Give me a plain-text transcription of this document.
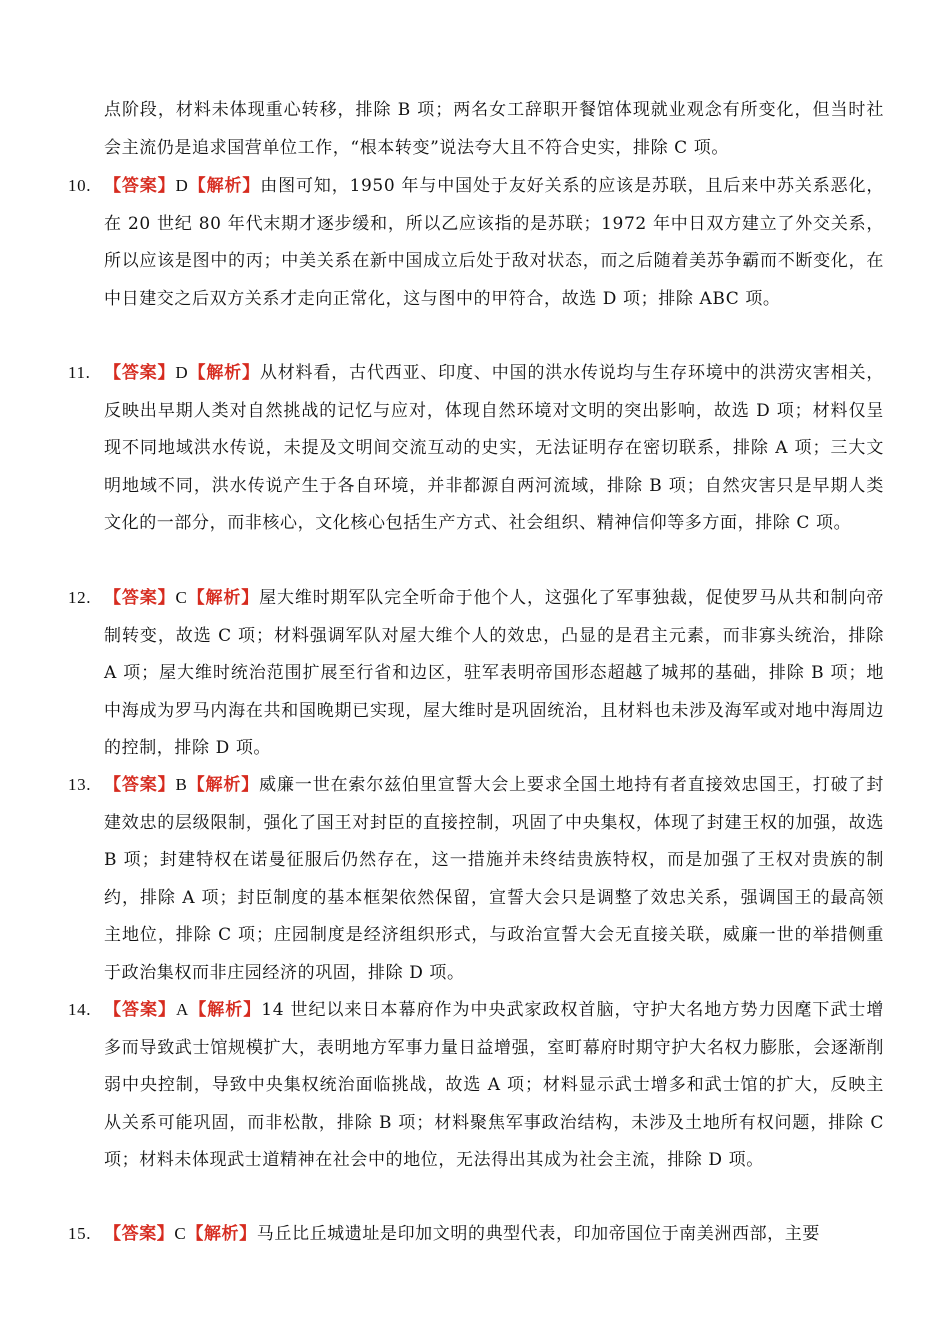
点阶段，材料未体现重心转移，排除 B 项；两名女工辞职开餐馆体现就业观念有所变化，但当时社会主流仍是追求国营单位工作，“根本转变”说法夸大且不符合史实，排除 C 项。
10. 【答案】D【解析】由图可知，1950 年与中国处于友好关系的应该是苏联，且后来中苏关系恶化，在 20 世纪 80 年代末期才逐步缓和，所以乙应该指的是苏联；1972 年中日双方建立了外交关系，所以应该是图中的丙；中美关系在新中国成立后处于敌对状态，而之后随着美苏争霸而不断变化，在中日建交之后双方关系才走向正常化，这与图中的甲符合，故选 D 项；排除 ABC 项。
11. 【答案】D【解析】从材料看，古代西亚、印度、中国的洪水传说均与生存环境中的洪涝灾害相关，反映出早期人类对自然挑战的记忆与应对，体现自然环境对文明的突出影响，故选 D 项；材料仅呈现不同地域洪水传说，未提及文明间交流互动的史实，无法证明存在密切联系，排除 A 项；三大文明地域不同，洪水传说产生于各自环境，并非都源自两河流域，排除 B 项；自然灾害只是早期人类文化的一部分，而非核心，文化核心包括生产方式、社会组织、精神信仰等多方面，排除 C 项。
12. 【答案】C【解析】屋大维时期军队完全听命于他个人，这强化了军事独裁，促使罗马从共和制向帝制转变，故选 C 项；材料强调军队对屋大维个人的效忠，凸显的是君主元素，而非寡头统治，排除 A 项；屋大维时统治范围扩展至行省和边区，驻军表明帝国形态超越了城邦的基础，排除 B 项；地中海成为罗马内海在共和国晚期已实现，屋大维时是巩固统治，且材料也未涉及海军或对地中海周边的控制，排除 D 项。
13. 【答案】B【解析】威廉一世在索尔兹伯里宣誓大会上要求全国土地持有者直接效忠国王，打破了封建效忠的层级限制，强化了国王对封臣的直接控制，巩固了中央集权，体现了封建王权的加强，故选 B 项；封建特权在诺曼征服后仍然存在，这一措施并未终结贵族特权，而是加强了王权对贵族的制约，排除 A 项；封臣制度的基本框架依然保留，宣誓大会只是调整了效忠关系，强调国王的最高领主地位，排除 C 项；庄园制度是经济组织形式，与政治宣誓大会无直接关联，威廉一世的举措侧重于政治集权而非庄园经济的巩固，排除 D 项。
14. 【答案】A【解析】14 世纪以来日本幕府作为中央武家政权首脑，守护大名地方势力因麾下武士增多而导致武士馆规模扩大，表明地方军事力量日益增强，室町幕府时期守护大名权力膨胀，会逐渐削弱中央控制，导致中央集权统治面临挑战，故选 A 项；材料显示武士增多和武士馆的扩大，反映主从关系可能巩固，而非松散，排除 B 项；材料聚焦军事政治结构，未涉及土地所有权问题，排除 C 项；材料未体现武士道精神在社会中的地位，无法得出其成为社会主流，排除 D 项。
15. 【答案】C【解析】马丘比丘城遗址是印加文明的典型代表，印加帝国位于南美洲西部，主要
